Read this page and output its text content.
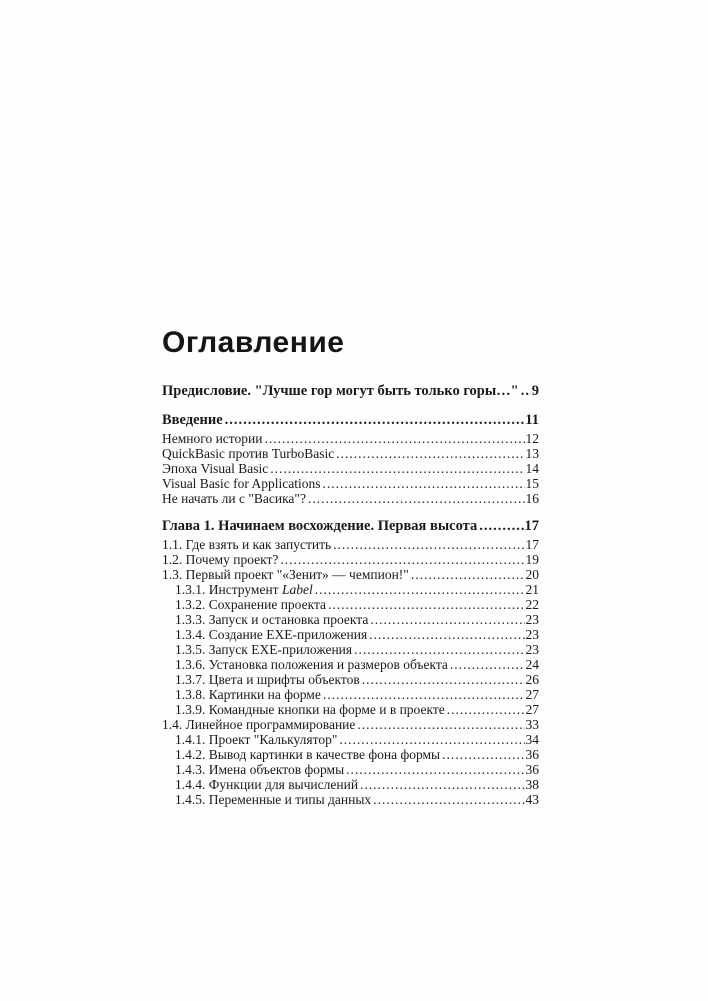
Оглавление
Предисловие. "Лучше гор могут быть только горы…" ..... 9
Введение .....	11
Немного истории .....	12
QuickBasic против TurboBasic .....	13
Эпоха Visual Basic .....	14
Visual Basic for Applications .....	15
Не начать ли с "Васика"? .....	16
Глава 1. Начинаем восхождение. Первая высота .....	17
1.1. Где взять и как запустить .....	17
1.2. Почему проект? .....	19
1.3. Первый проект "«Зенит» — чемпион!" .....	20
1.3.1. Инструмент Label .....	21
1.3.2. Сохранение проекта .....	22
1.3.3. Запуск и остановка проекта .....	23
1.3.4. Создание EXE-приложения .....	23
1.3.5. Запуск EXE-приложения .....	23
1.3.6. Установка положения и размеров объекта .....	24
1.3.7. Цвета и шрифты объектов .....	26
1.3.8. Картинки на форме .....	27
1.3.9. Командные кнопки на форме и в проекте .....	27
1.4. Линейное программирование .....	33
1.4.1. Проект "Калькулятор" .....	34
1.4.2. Вывод картинки в качестве фона формы .....	36
1.4.3. Имена объектов формы .....	36
1.4.4. Функции для вычислений .....	38
1.4.5. Переменные и типы данных .....	43
